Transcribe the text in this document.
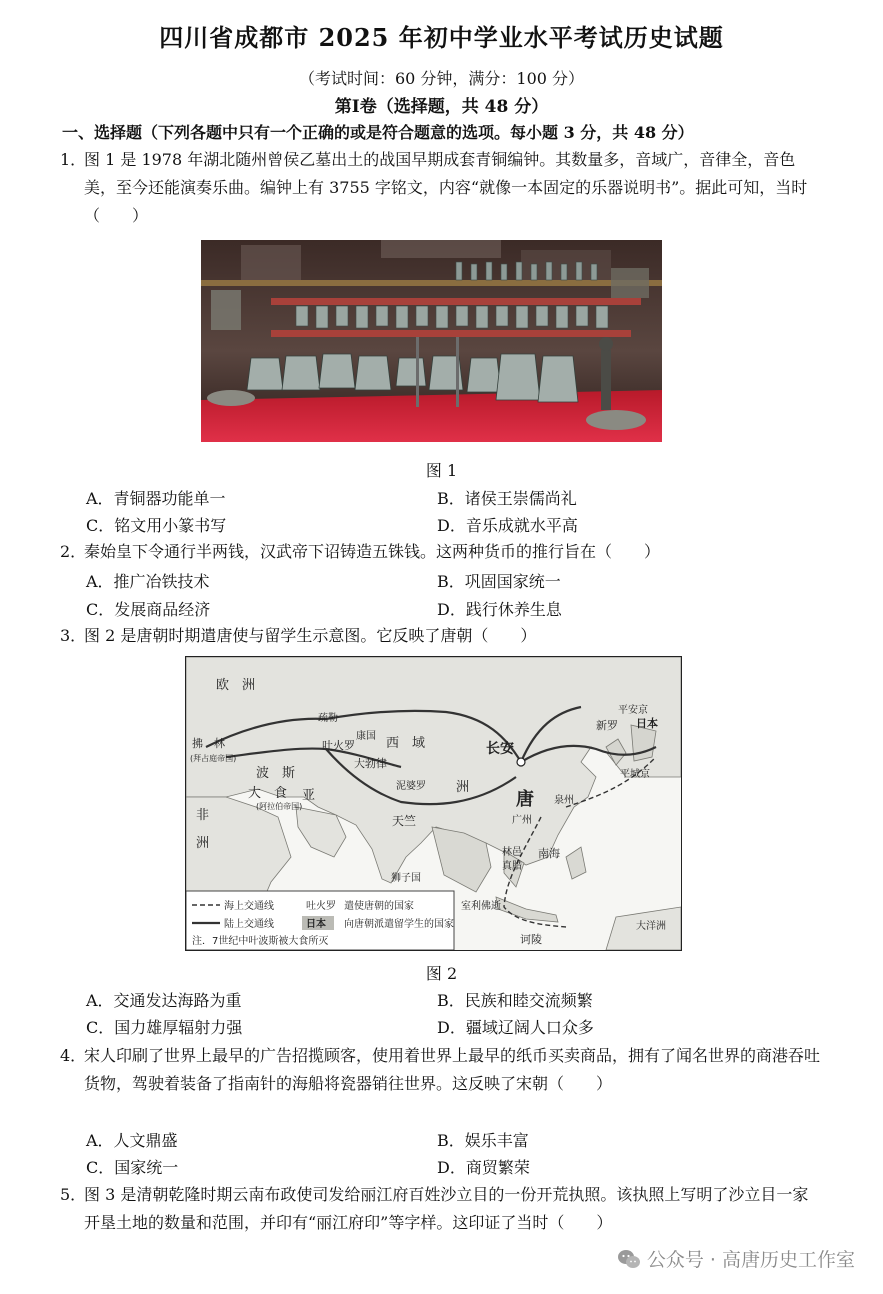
四川省成都市 2025 年初中学业水平考试历史试题
（考试时间：60 分钟，满分：100 分）
第Ⅰ卷（选择题，共 48 分）
一、选择题（下列各题中只有一个正确的或是符合题意的选项。每小题 3 分，共 48 分）
1．
图 1 是 1978 年湖北随州曾侯乙墓出土的战国早期成套青铜编钟。其数量多，音域广，音律全，音色美，至今还能演奏乐曲。编钟上有 3755 字铭文，内容“就像一本固定的乐器说明书”。据此可知，当时（　　）
图 1
A．青铜器功能单一	B．诸侯王崇儒尚礼
C．铭文用小篆书写	D．音乐成就水平高
2．
秦始皇下令通行半两钱，汉武帝下诏铸造五铢钱。这两种货币的推行旨在（　　）
A．推广冶铁技术	B．巩固国家统一
C．发展商品经济	D．践行休养生息
3．
图 2 是唐朝时期遣唐使与留学生示意图。它反映了唐朝（　　）
欧　洲
拂　林
(拜占庭帝国)
波　斯
大　食 亚
(阿拉伯帝国)
非
洲
西　域
疏勒
吐火罗
康国
大勃律
泥婆罗
天竺
洲
长安
唐
广州
泉州
新罗
平安京
日本
平城京
林邑
真腊
南海
室利佛逝
诃陵
大洋洲
狮子国
海上交通线	吐火罗 遣使唐朝的国家
陆上交通线	日本 向唐朝派遣留学生的国家
注．7世纪中叶波斯被大食所灭
图 2
A．交通发达海路为重	B．民族和睦交流频繁
C．国力雄厚辐射力强	D．疆域辽阔人口众多
4．
宋人印刷了世界上最早的广告招揽顾客，使用着世界上最早的纸币买卖商品，拥有了闻名世界的商港吞吐货物，驾驶着装备了指南针的海船将瓷器销往世界。这反映了宋朝（　　）
A．人文鼎盛	B．娱乐丰富
C．国家统一	D．商贸繁荣
5．
图 3 是清朝乾隆时期云南布政使司发给丽江府百姓沙立目的一份开荒执照。该执照上写明了沙立目一家开垦土地的数量和范围，并印有“丽江府印”等字样。这印证了当时（　　）
公众号 · 高唐历史工作室
